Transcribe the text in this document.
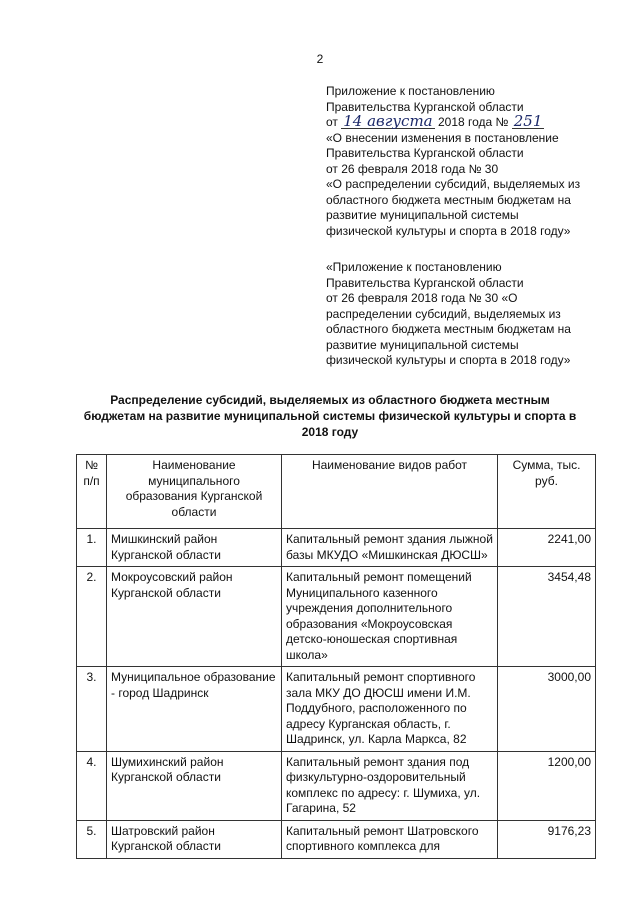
2

Приложение к постановлению

Правительства Курганской области

от 14 августа 2018 года № 251

«О внесении изменения в постановление

Правительства Курганской области

от 26 февраля 2018 года № 30

«О распределении субсидий, выделяемых из

областного бюджета местным бюджетам на

развитие муниципальной системы

физической культуры и спорта в 2018 году»

«Приложение к постановлению

Правительства Курганской области

от 26 февраля 2018 года № 30 «О

распределении субсидий, выделяемых из

областного бюджета местным бюджетам на

развитие муниципальной системы

физической культуры и спорта в 2018 году»

Распределение субсидий, выделяемых из областного бюджета местным

бюджетам на развитие муниципальной системы физической культуры и спорта в

2018 году

№ п/п	Наименование муниципального образования Курганской области	Наименование видов работ	Сумма, тыс. руб.
1.	Мишкинский район Курганской области	Капитальный ремонт здания лыжной базы МКУДО «Мишкинская ДЮСШ»	2241,00
2.	Мокроусовский район Курганской области	Капитальный ремонт помещений Муниципального казенного учреждения дополнительного образования «Мокроусовская детско-юношеская спортивная школа»	3454,48
3.	Муниципальное образование - город Шадринск	Капитальный ремонт спортивного зала МКУ ДО ДЮСШ имени И.М. Поддубного, расположенного по адресу Курганская область, г. Шадринск, ул. Карла Маркса, 82	3000,00
4.	Шумихинский район Курганской области	Капитальный ремонт здания под физкультурно-оздоровительный комплекс по адресу: г. Шумиха, ул. Гагарина, 52	1200,00
5.	Шатровский район Курганской области	Капитальный ремонт Шатровского спортивного комплекса для	9176,23
